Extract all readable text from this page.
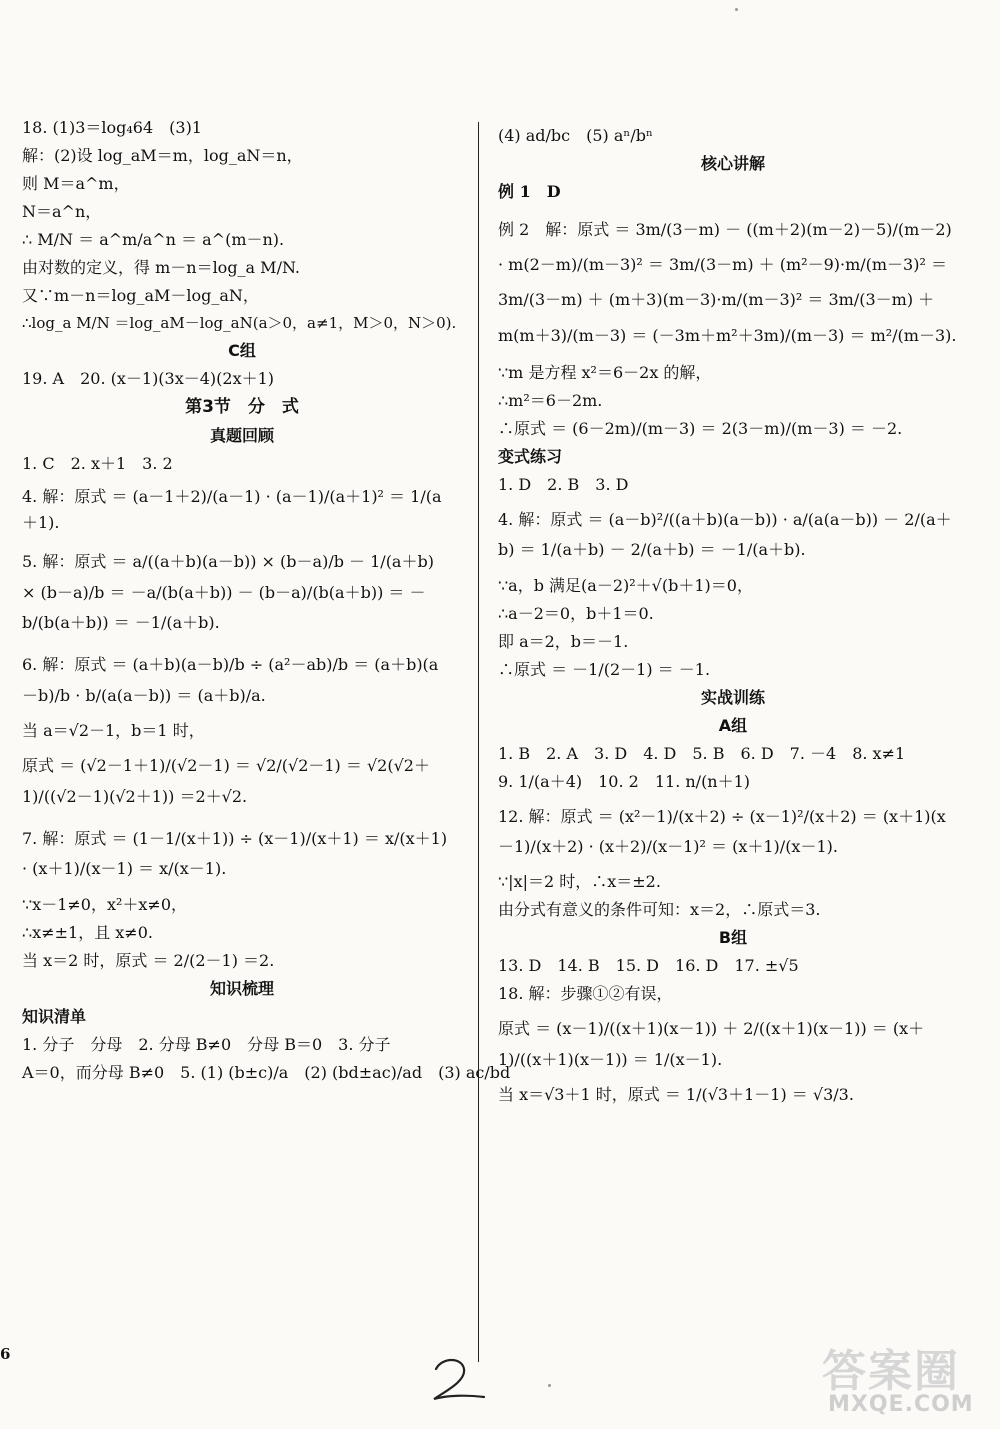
18. (1)3＝log₄64　(3)1
解：(2)设 log_aM＝m，log_aN＝n，
则 M＝a^m，
N＝a^n，
∴ M/N ＝ a^m/a^n ＝ a^(m－n).
由对数的定义，得 m－n＝log_a M/N.
又∵m－n＝log_aM－log_aN，
∴log_a M/N ＝log_aM－log_aN(a＞0，a≠1，M＞0，N＞0).
C组
19. A　20. (x－1)(3x－4)(2x＋1)
第3节　分　式
真题回顾
1. C　2. x＋1　3. 2
4. 解：原式 ＝ (a－1＋2)/(a－1) · (a－1)/(a＋1)² ＝ 1/(a＋1).
5. 解：原式 ＝ a/((a＋b)(a－b)) × (b－a)/b － 1/(a＋b) × (b－a)/b ＝ －a/(b(a＋b)) － (b－a)/(b(a＋b)) ＝ －b/(b(a＋b)) ＝ －1/(a＋b).
6. 解：原式 ＝ (a＋b)(a－b)/b ÷ (a²－ab)/b ＝ (a＋b)(a－b)/b · b/(a(a－b)) ＝ (a＋b)/a.
当 a＝√2－1，b＝1 时，
原式 ＝ (√2－1＋1)/(√2－1) ＝ √2/(√2－1) ＝ √2(√2＋1)/((√2－1)(√2＋1)) ＝2＋√2.
7. 解：原式 ＝ (1－1/(x＋1)) ÷ (x－1)/(x＋1) ＝ x/(x＋1) · (x＋1)/(x－1) ＝ x/(x－1).
∵x－1≠0，x²＋x≠0，
∴x≠±1，且 x≠0.
当 x＝2 时，原式 ＝ 2/(2－1) ＝2.
知识梳理
知识清单
1. 分子　分母　2. 分母 B≠0　分母 B＝0　3. 分子
A＝0，而分母 B≠0　5. (1) (b±c)/a　(2) (bd±ac)/ad　(3) ac/bd
(4) ad/bc　(5) aⁿ/bⁿ
核心讲解
例 1　D
例 2　解：原式 ＝ 3m/(3－m) － ((m＋2)(m－2)－5)/(m－2) · m(2－m)/(m－3)² ＝ 3m/(3－m) ＋ (m²－9)·m/(m－3)² ＝ 3m/(3－m) ＋ (m＋3)(m－3)·m/(m－3)² ＝ 3m/(3－m) ＋ m(m＋3)/(m－3) ＝ (－3m＋m²＋3m)/(m－3) ＝ m²/(m－3).
∵m 是方程 x²＝6－2x 的解，
∴m²＝6－2m.
∴原式 ＝ (6－2m)/(m－3) ＝ 2(3－m)/(m－3) ＝ －2.
变式练习
1. D　2. B　3. D
4. 解：原式 ＝ (a－b)²/((a＋b)(a－b)) · a/(a(a－b)) － 2/(a＋b) ＝ 1/(a＋b) － 2/(a＋b) ＝ －1/(a＋b).
∵a，b 满足(a－2)²＋√(b＋1)＝0，
∴a－2＝0，b＋1＝0.
即 a＝2，b＝－1.
∴原式 ＝ －1/(2－1) ＝ －1.
实战训练
A组
1. B　2. A　3. D　4. D　5. B　6. D　7. －4　8. x≠1
9. 1/(a＋4)　10. 2　11. n/(n＋1)
12. 解：原式 ＝ (x²－1)/(x＋2) ÷ (x－1)²/(x＋2) ＝ (x＋1)(x－1)/(x＋2) · (x＋2)/(x－1)² ＝ (x＋1)/(x－1).
∵|x|＝2 时，∴x＝±2.
由分式有意义的条件可知：x＝2，∴原式＝3.
B组
13. D　14. B　15. D　16. D　17. ±√5
18. 解：步骤①②有误，
原式 ＝ (x－1)/((x＋1)(x－1)) ＋ 2/((x＋1)(x－1)) ＝ (x＋1)/((x＋1)(x－1)) ＝ 1/(x－1).
当 x＝√3＋1 时，原式 ＝ 1/(√3＋1－1) ＝ √3/3.
6	答案圈
MXQE.COM
